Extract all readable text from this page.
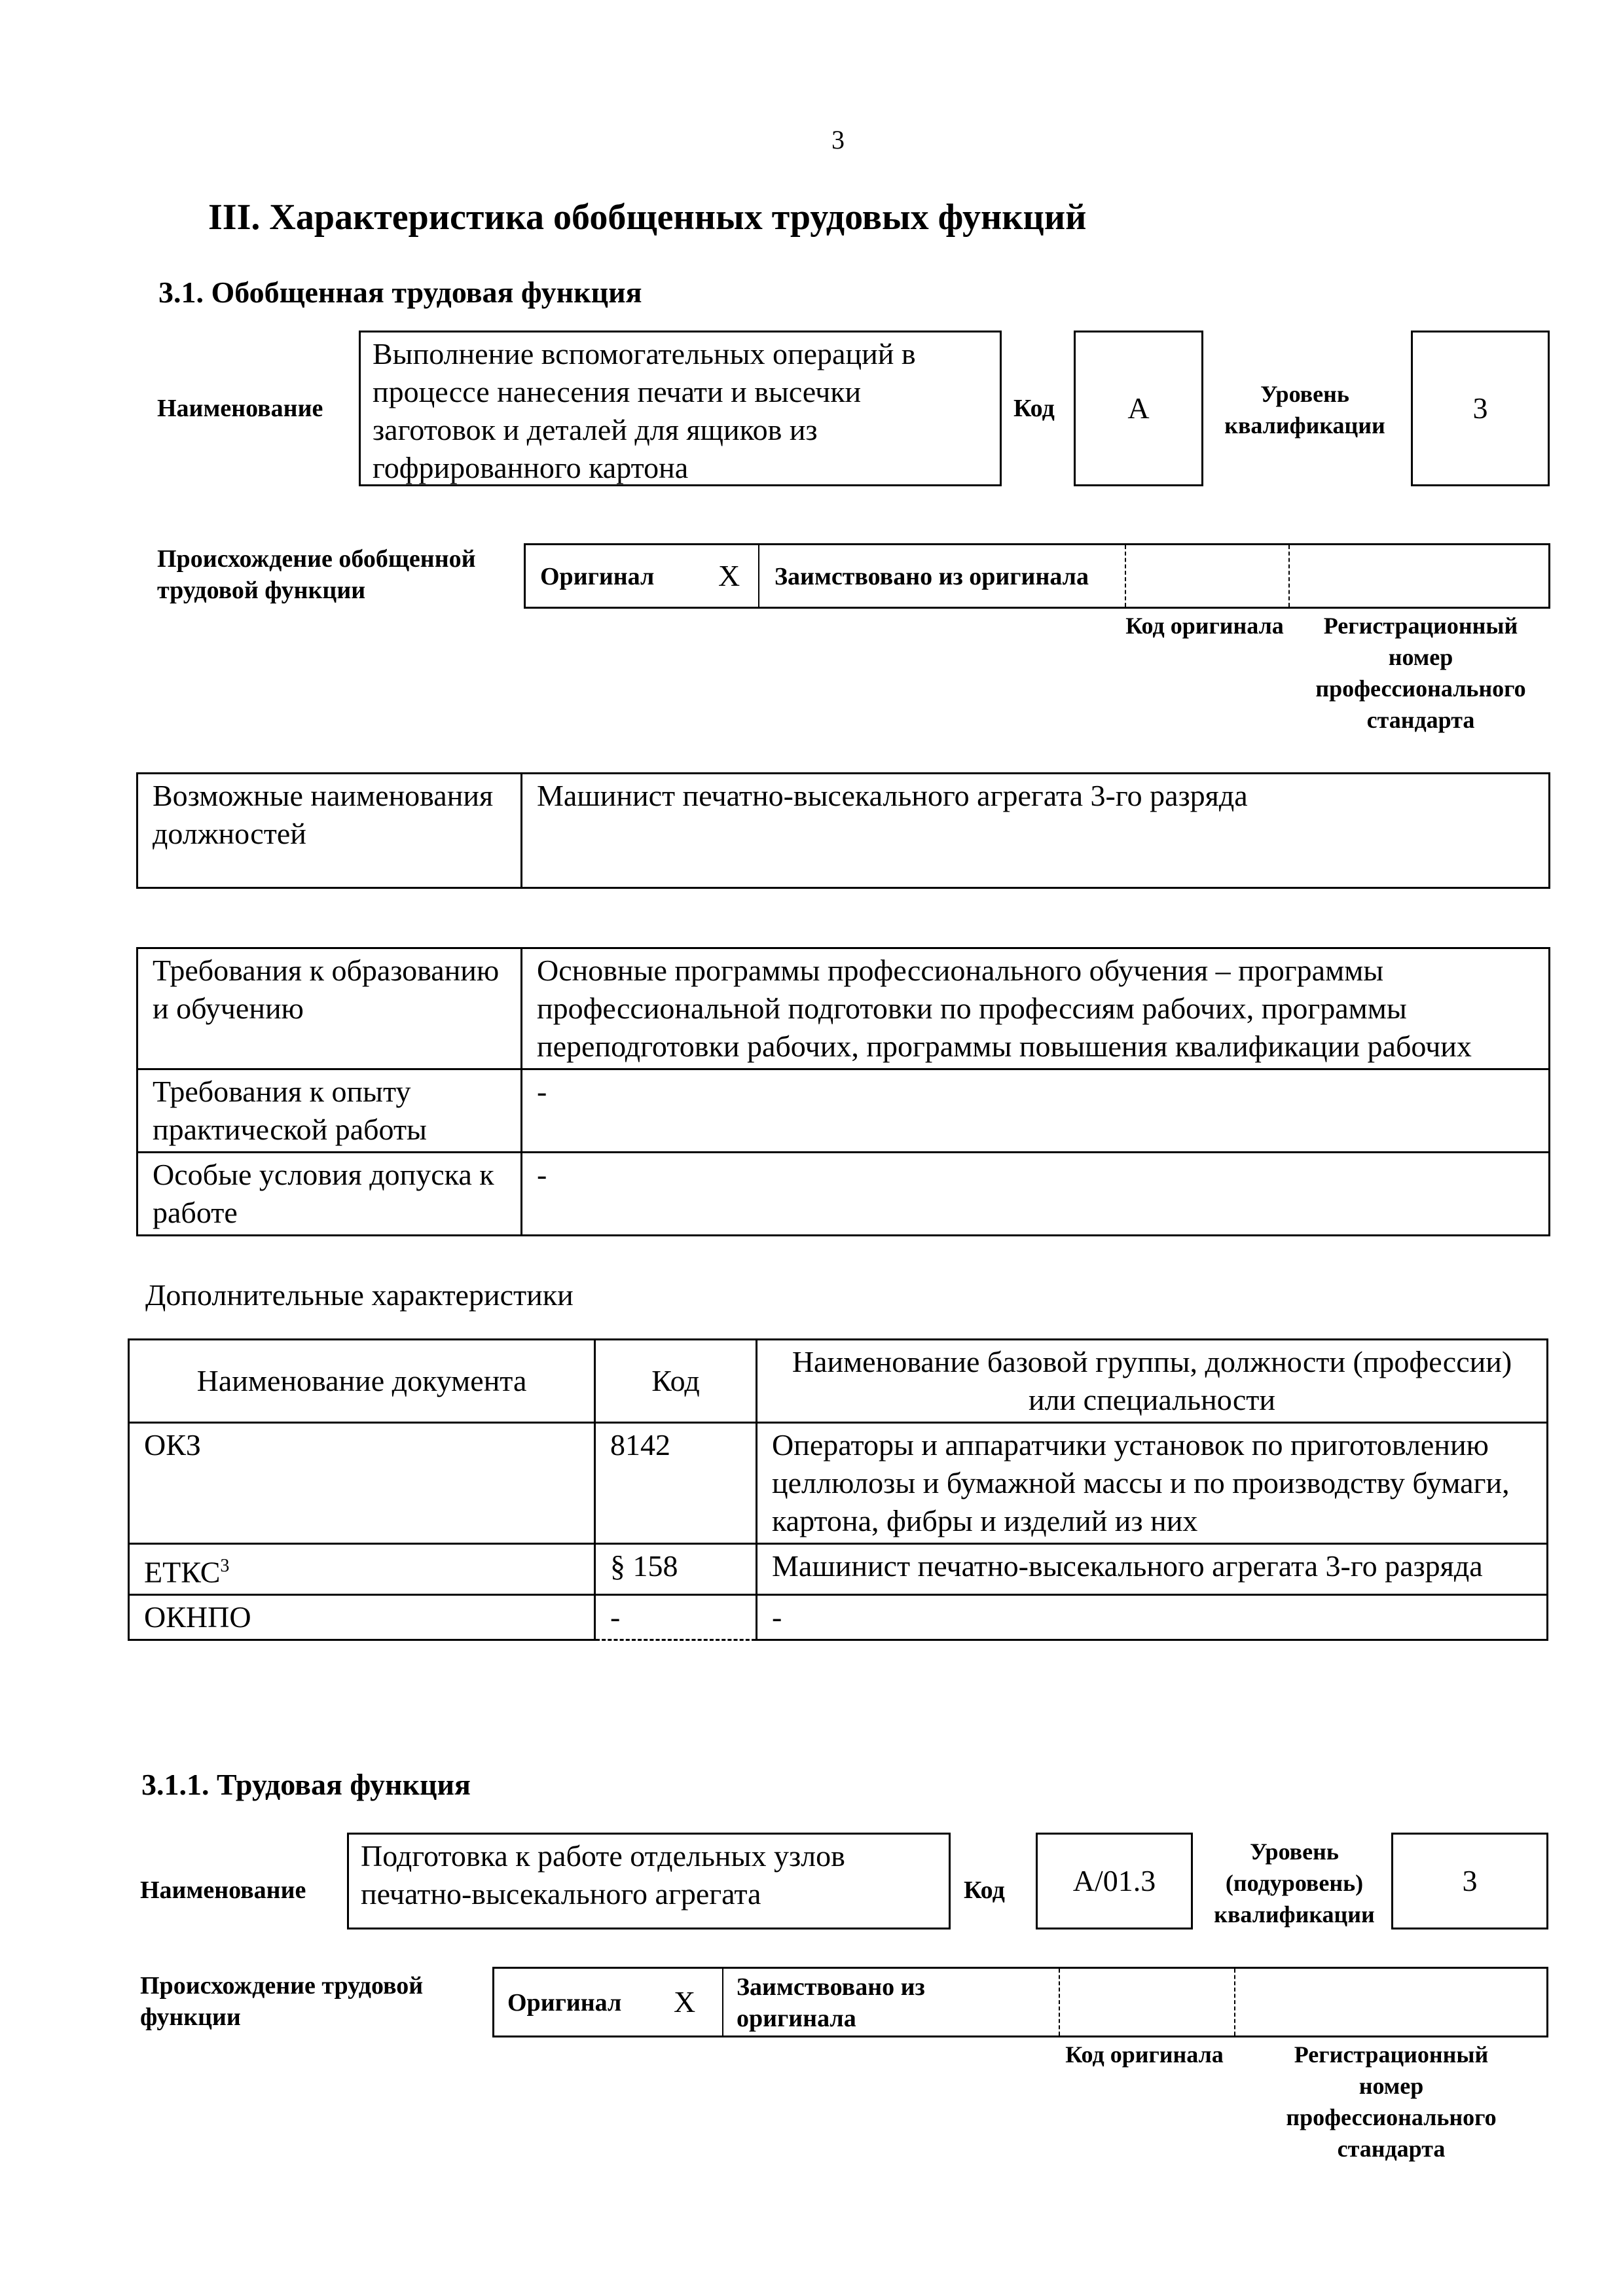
3
III. Характеристика обобщенных трудовых функций
3.1. Обобщенная трудовая функция
Наименование
Выполнение вспомогательных операций в процессе нанесения печати и высечки заготовок и деталей для ящиков из гофрированного картона
Код	A	Уровень квалификации
3
Происхождение обобщенной трудовой функции	Оригинал X Заимствовано из оригинала
Код оригинала	Регистрационный номер профессионального стандарта
Возможные наименования должностей	Машинист печатно-высекального агрегата 3-го разряда
Требования к образованию и обучению	Основные программы профессионального обучения – программы профессиональной подготовки по профессиям рабочих, программы переподготовки рабочих, программы повышения квалификации рабочих
Требования к опыту практической работы	-
Особые условия допуска к работе	-
Дополнительные характеристики
Наименование документа	Код	Наименование базовой группы, должности (профессии) или специальности
ОКЗ	8142	Операторы и аппаратчики установок по приготовлению целлюлозы и бумажной массы и по производству бумаги, картона, фибры и изделий из них
ЕТКС$^3$	§ 158	Машинист печатно-высекального агрегата 3-го разряда
ОКНПО	-	-
3.1.1. Трудовая функция
Наименование
Подготовка к работе отдельных узлов печатно-высекального агрегата	Код	A/01.3
Уровень (подуровень) квалификации
3
Происхождение трудовой функции
Оригинал X Заимствовано из оригинала
Код оригинала	Регистрационный номер профессионального стандарта
